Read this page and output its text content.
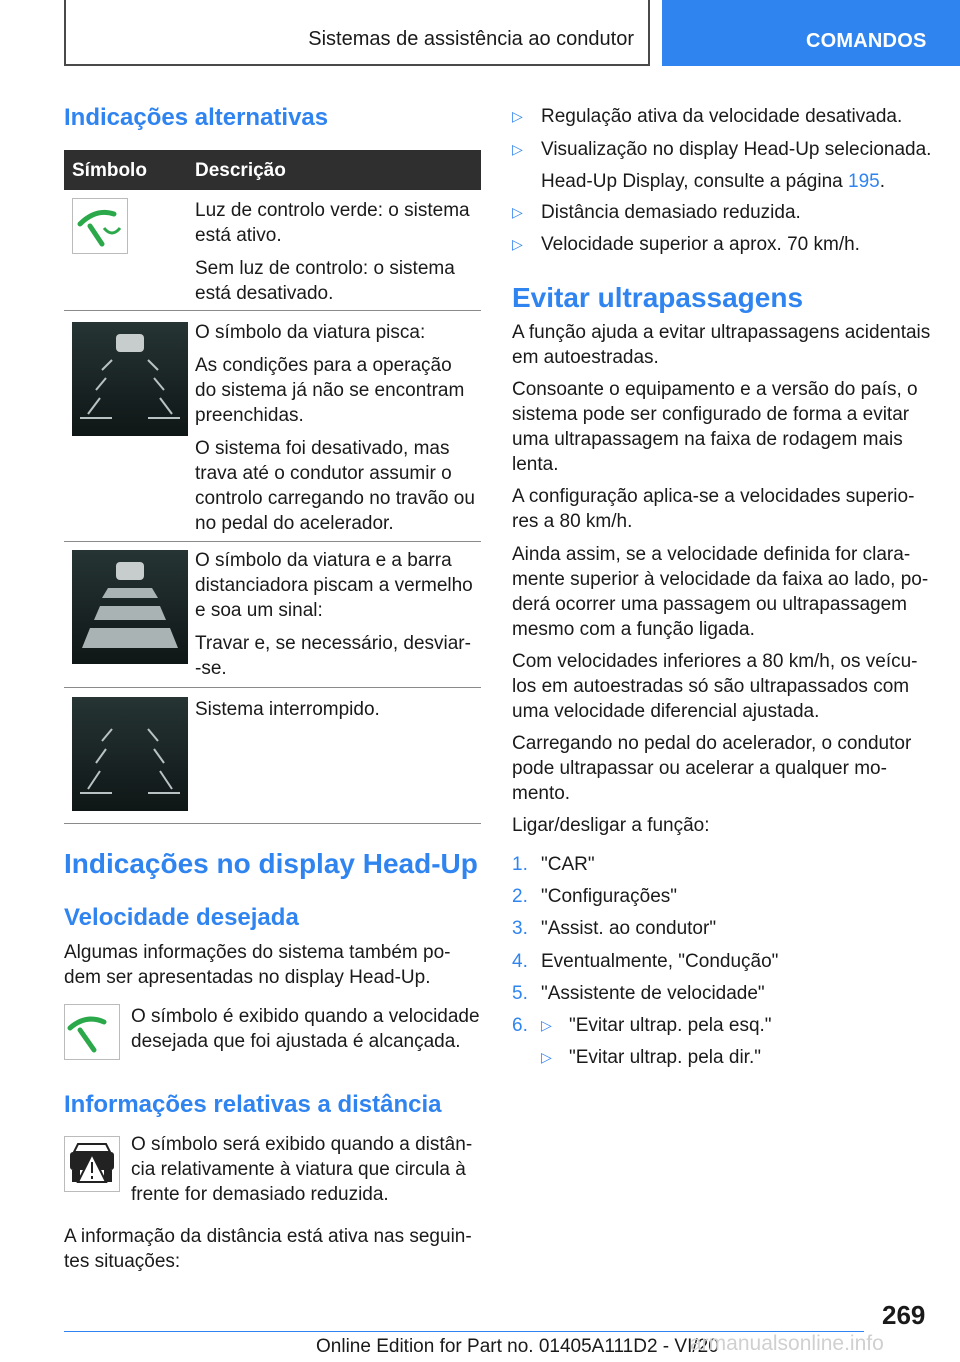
Sistemas de assistência ao condutor	COMANDOS
Indicações alternativas
Símbolo	Descrição
Luz de controlo verde: o sistema está ativo.
Sem luz de controlo: o sistema está desativado.
O símbolo da viatura pisca:
As condições para a operação do sistema já não se encontram preenchidas.
O sistema foi desativado, mas trava até o condutor assumir o controlo carregando no travão ou no pedal do acelerador.
O símbolo da viatura e a barra distanciadora piscam a vermelho e soa um sinal:
Travar e, se necessário, desviar-
-se.
Sistema interrompido.
Indicações no display Head-Up
Velocidade desejada
Algumas informações do sistema também po-
dem ser apresentadas no display Head-Up.
O símbolo é exibido quando a velocidade
desejada que foi ajustada é alcançada.
Informações relativas a distância
O símbolo será exibido quando a distân-
cia relativamente à viatura que circula à
frente for demasiado reduzida.
A informação da distância está ativa nas seguin-
tes situações:
▷ Regulação ativa da velocidade desativada.
▷ Visualização no display Head-Up selecionada.
Head-Up Display, consulte a página 195.
▷ Distância demasiado reduzida.
▷ Velocidade superior a aprox. 70 km/h.
Evitar ultrapassagens
A função ajuda a evitar ultrapassagens acidentais
em autoestradas.
Consoante o equipamento e a versão do país, o
sistema pode ser configurado de forma a evitar
uma ultrapassagem na faixa de rodagem mais
lenta.
A configuração aplica-se a velocidades superio-
res a 80 km/h.
Ainda assim, se a velocidade definida for clara-
mente superior à velocidade da faixa ao lado, po-
derá ocorrer uma passagem ou ultrapassagem
mesmo com a função ligada.
Com velocidades inferiores a 80 km/h, os veícu-
los em autoestradas só são ultrapassados com
uma velocidade diferencial ajustada.
Carregando no pedal do acelerador, o condutor
pode ultrapassar ou acelerar a qualquer mo-
mento.
Ligar/desligar a função:
1. "CAR"
2. "Configurações"
3. "Assist. ao condutor"
4. Eventualmente, "Condução"
5. "Assistente de velocidade"
6. ▷ "Evitar ultrap. pela esq."
▷ "Evitar ultrap. pela dir."
269
Online Edition for Part no. 01405A111D2 - VI/20
armanualsonline.info
